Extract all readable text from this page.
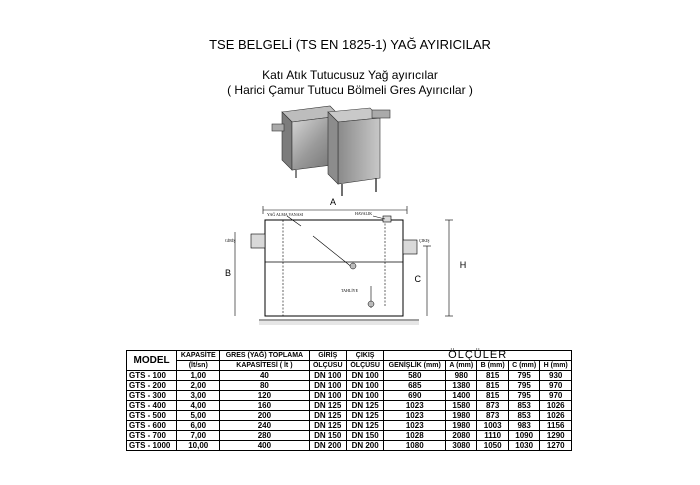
TSE BELGELİ (TS EN 1825-1) YAĞ AYIRICILAR
Katı Atık Tutucusuz Yağ ayırıcılar
( Harici Çamur Tutucu Bölmeli Gres Ayırıcılar )
A
B
C
H
YAĞ ALMA VANASI	HAVALIK
GİRİŞ	ÇIKIŞ
TAHLİYE
MODEL	KAPASİTE	GRES (YAĞ) TOPLAMA	GİRİŞ	ÇIKIŞ	ÖLÇÜLER				
	(lt/sn)	KAPASİTESİ ( lt )	ÖLÇÜSU	ÖLÇÜSU	GENİŞLİK (mm)	A (mm)	B (mm)	C (mm)	H (mm)
GTS - 100	1,00	40	DN 100	DN 100	580	980	815	795	930
GTS - 200	2,00	80	DN 100	DN 100	685	1380	815	795	970
GTS - 300	3,00	120	DN 100	DN 100	690	1400	815	795	970
GTS - 400	4,00	160	DN 125	DN 125	1023	1580	873	853	1026
GTS - 500	5,00	200	DN 125	DN 125	1023	1980	873	853	1026
GTS - 600	6,00	240	DN 125	DN 125	1023	1980	1003	983	1156
GTS - 700	7,00	280	DN 150	DN 150	1028	2080	1110	1090	1290
GTS - 1000	10,00	400	DN 200	DN 200	1080	3080	1050	1030	1270
